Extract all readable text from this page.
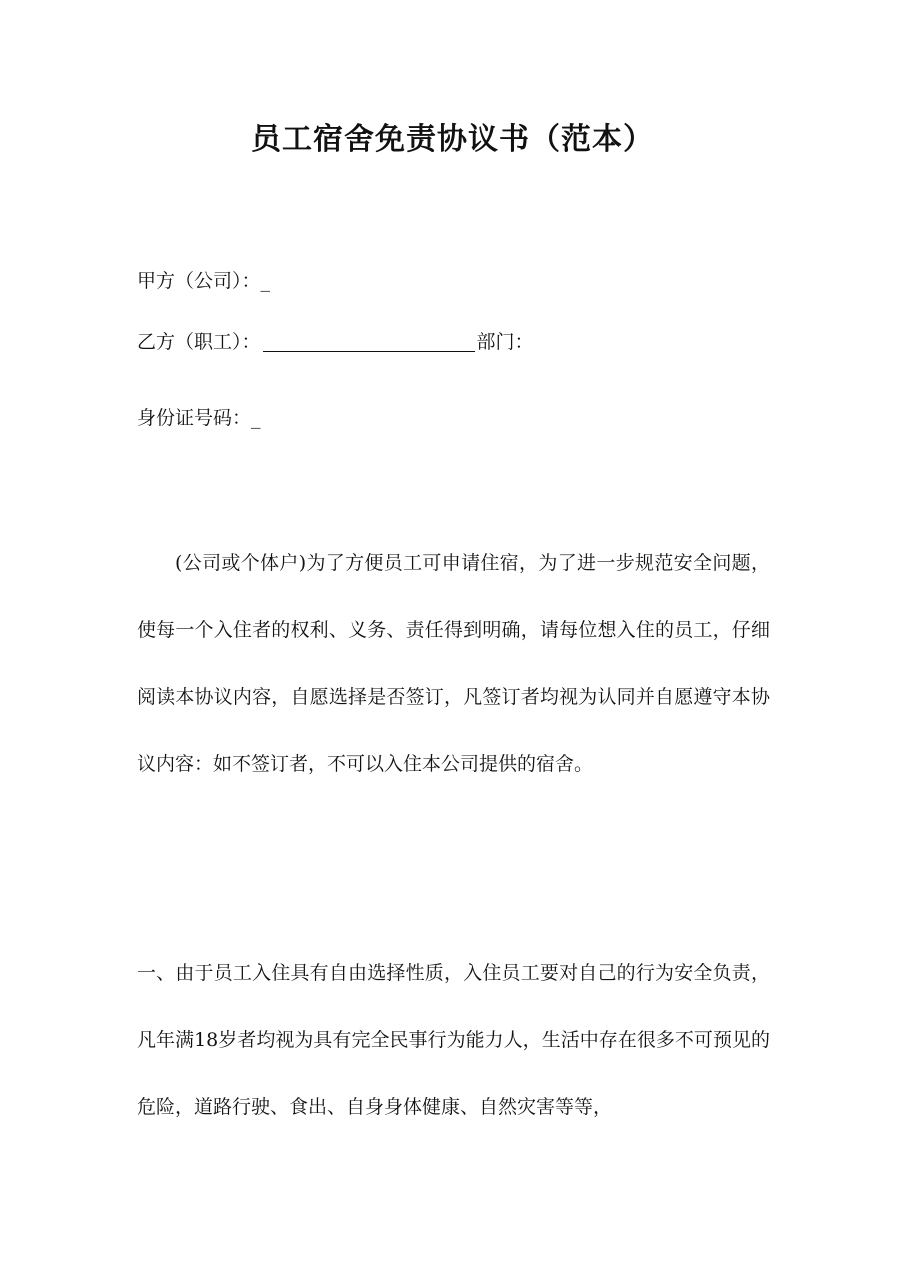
员工宿舍免责协议书（范本）
甲方（公司）：_
乙方（职工）：	部门：
身份证号码：_
(公司或个体户)为了方便员工可申请住宿，为了进一步规范安全问题，使每一个入住者的权利、义务、责任得到明确，请每位想入住的员工，仔细阅读本协议内容，自愿选择是否签订，凡签订者均视为认同并自愿遵守本协议内容：如不签订者，不可以入住本公司提供的宿舍。
一、由于员工入住具有自由选择性质，入住员工要对自己的行为安全负责，凡年满18岁者均视为具有完全民事行为能力人，生活中存在很多不可预见的危险，道路行驶、食出、自身身体健康、自然灾害等等，
